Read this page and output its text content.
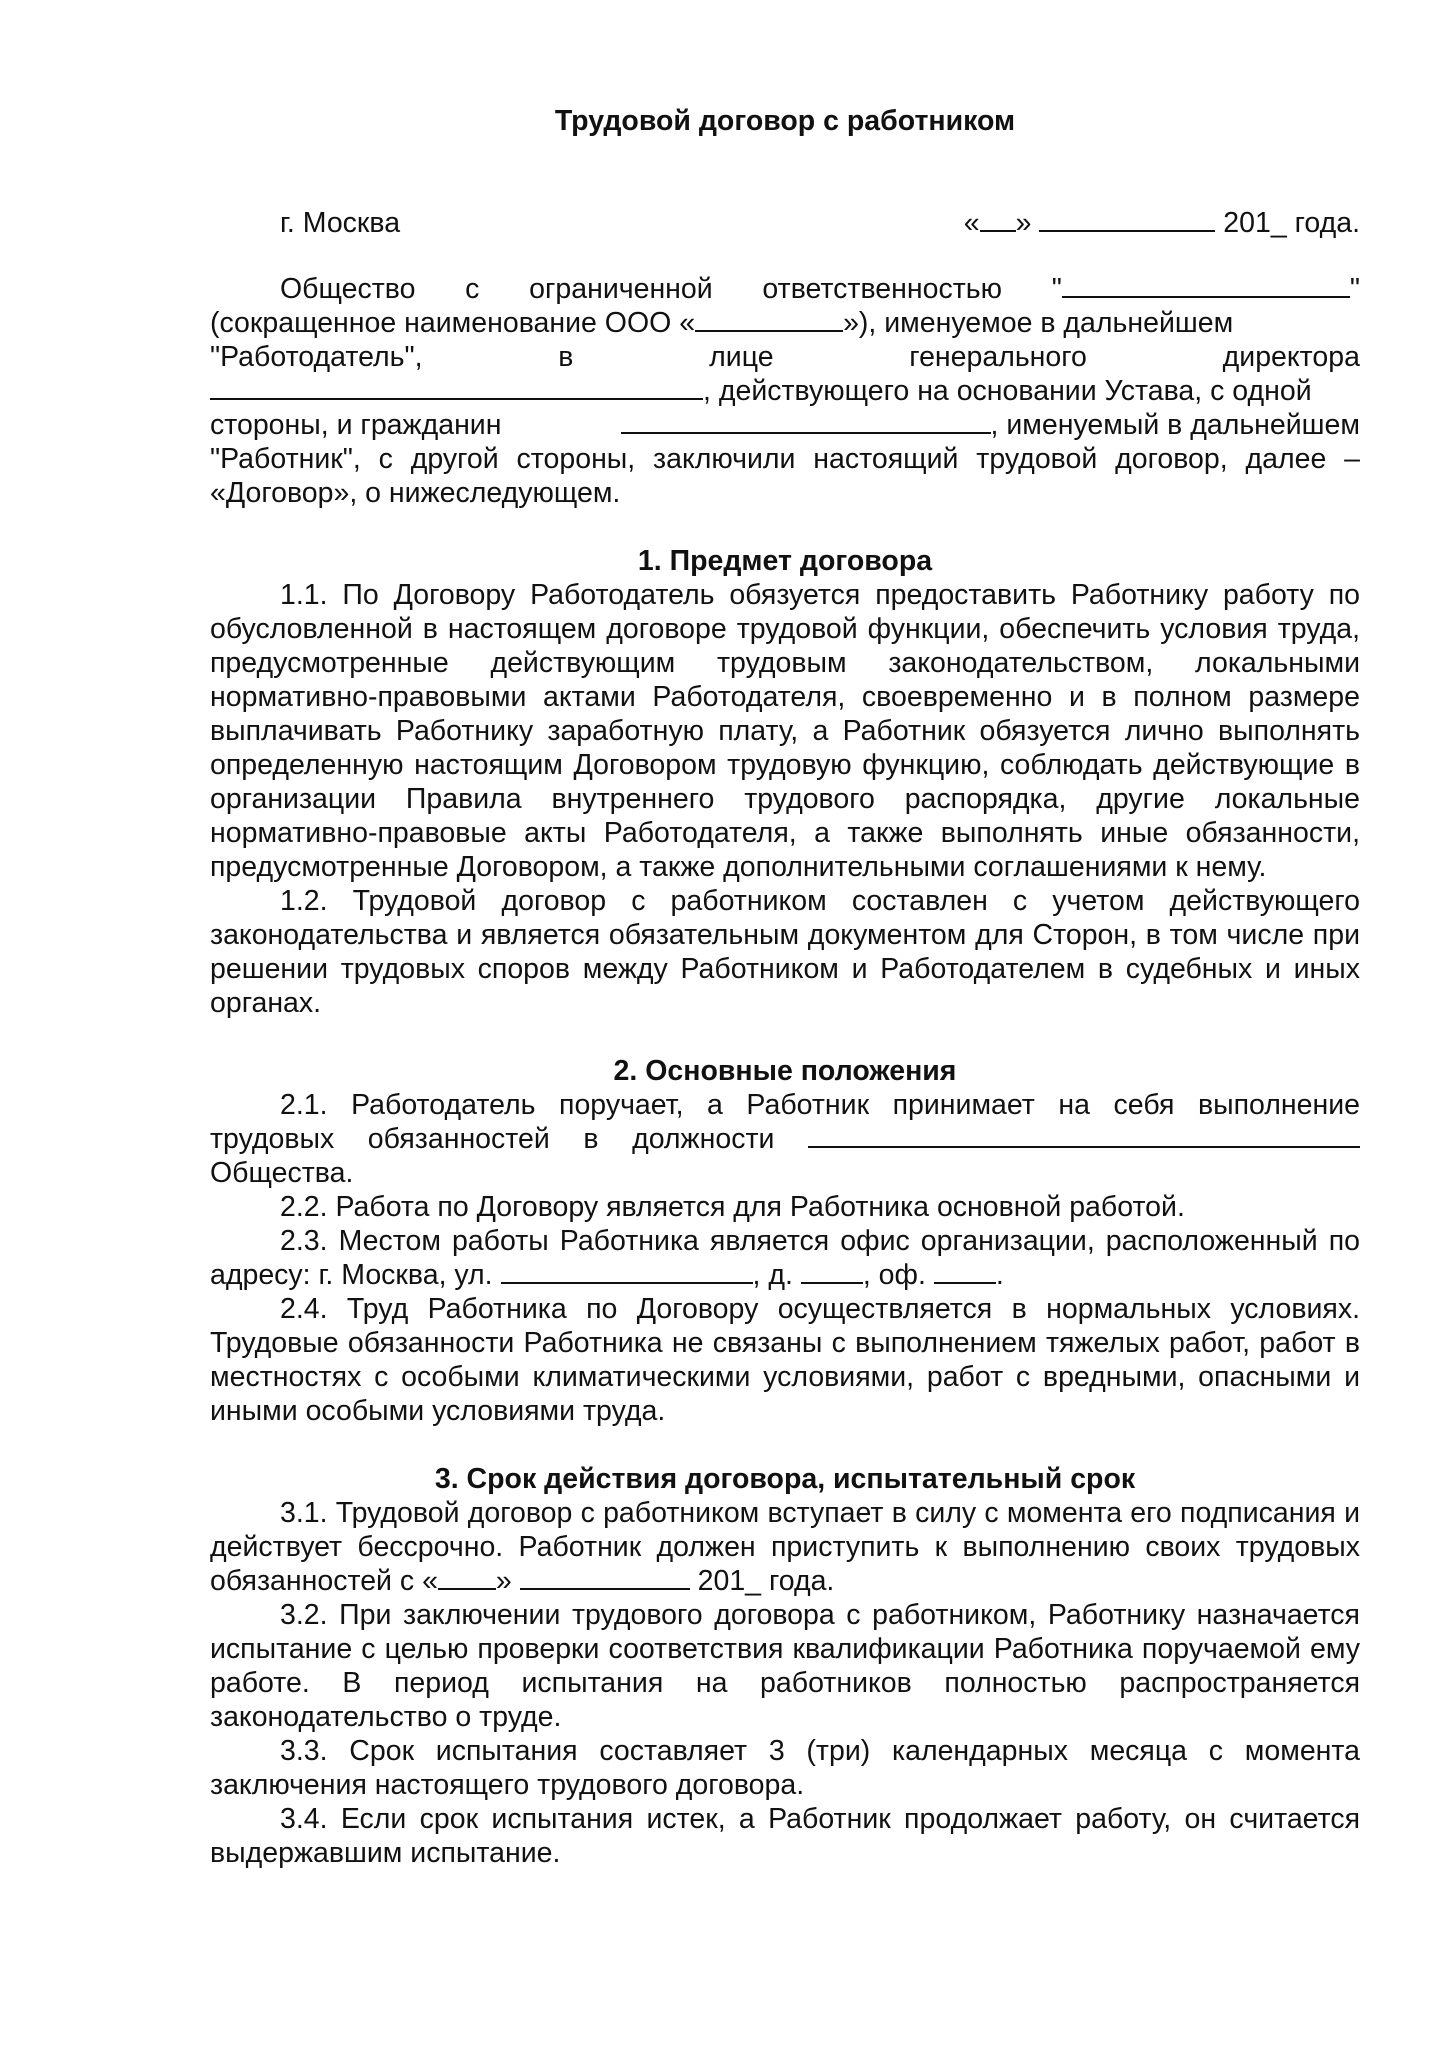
Трудовой договор с работником
г. Москва	« »	201_ года.
Общество с ограниченной ответственностью "	"
(сокращенное наименование ООО «	»), именуемое в дальнейшем
"Работодатель",	в	лице	генерального	директора
, действующего на основании Устава, с одной
стороны, и гражданин	, именуемый в дальнейшем

"Работник", с другой стороны, заключили настоящий трудовой договор, далее – «Договор», о нижеследующем.

1. Предмет договора

1.1. По Договору Работодатель обязуется предоставить Работнику работу по обусловленной в настоящем договоре трудовой функции, обеспечить условия труда, предусмотренные действующим трудовым законодательством, локальными нормативно-правовыми актами Работодателя, своевременно и в полном размере выплачивать Работнику заработную плату, а Работник обязуется лично выполнять определенную настоящим Договором трудовую функцию, соблюдать действующие в организации Правила внутреннего трудового распорядка, другие локальные нормативно-правовые акты Работодателя, а также выполнять иные обязанности, предусмотренные Договором, а также дополнительными соглашениями к нему.

1.2. Трудовой договор с работником составлен с учетом действующего законодательства и является обязательным документом для Сторон, в том числе при решении трудовых споров между Работником и Работодателем в судебных и иных органах.

2. Основные положения

2.1. Работодатель поручает, а Работник принимает на себя выполнение трудовых обязанностей в должности  Общества.

2.2. Работа по Договору является для Работника основной работой.

2.3. Местом работы Работника является офис организации, расположенный по адресу: г. Москва, ул.	, д. , оф. .

2.4. Труд Работника по Договору осуществляется в нормальных условиях. Трудовые обязанности Работника не связаны с выполнением тяжелых работ, работ в местностях с особыми климатическими условиями, работ с вредными, опасными и иными особыми условиями труда.

3. Срок действия договора, испытательный срок

3.1. Трудовой договор с работником вступает в силу с момента его подписания и действует бессрочно. Работник должен приступить к выполнению своих трудовых обязанностей с « »	201_ года.

3.2. При заключении трудового договора с работником, Работнику назначается испытание с целью проверки соответствия квалификации Работника поручаемой ему работе. В период испытания на работников полностью распространяется законодательство о труде.

3.3. Срок испытания составляет 3 (три) календарных месяца с момента заключения настоящего трудового договора.

3.4. Если срок испытания истек, а Работник продолжает работу, он считается выдержавшим испытание.
